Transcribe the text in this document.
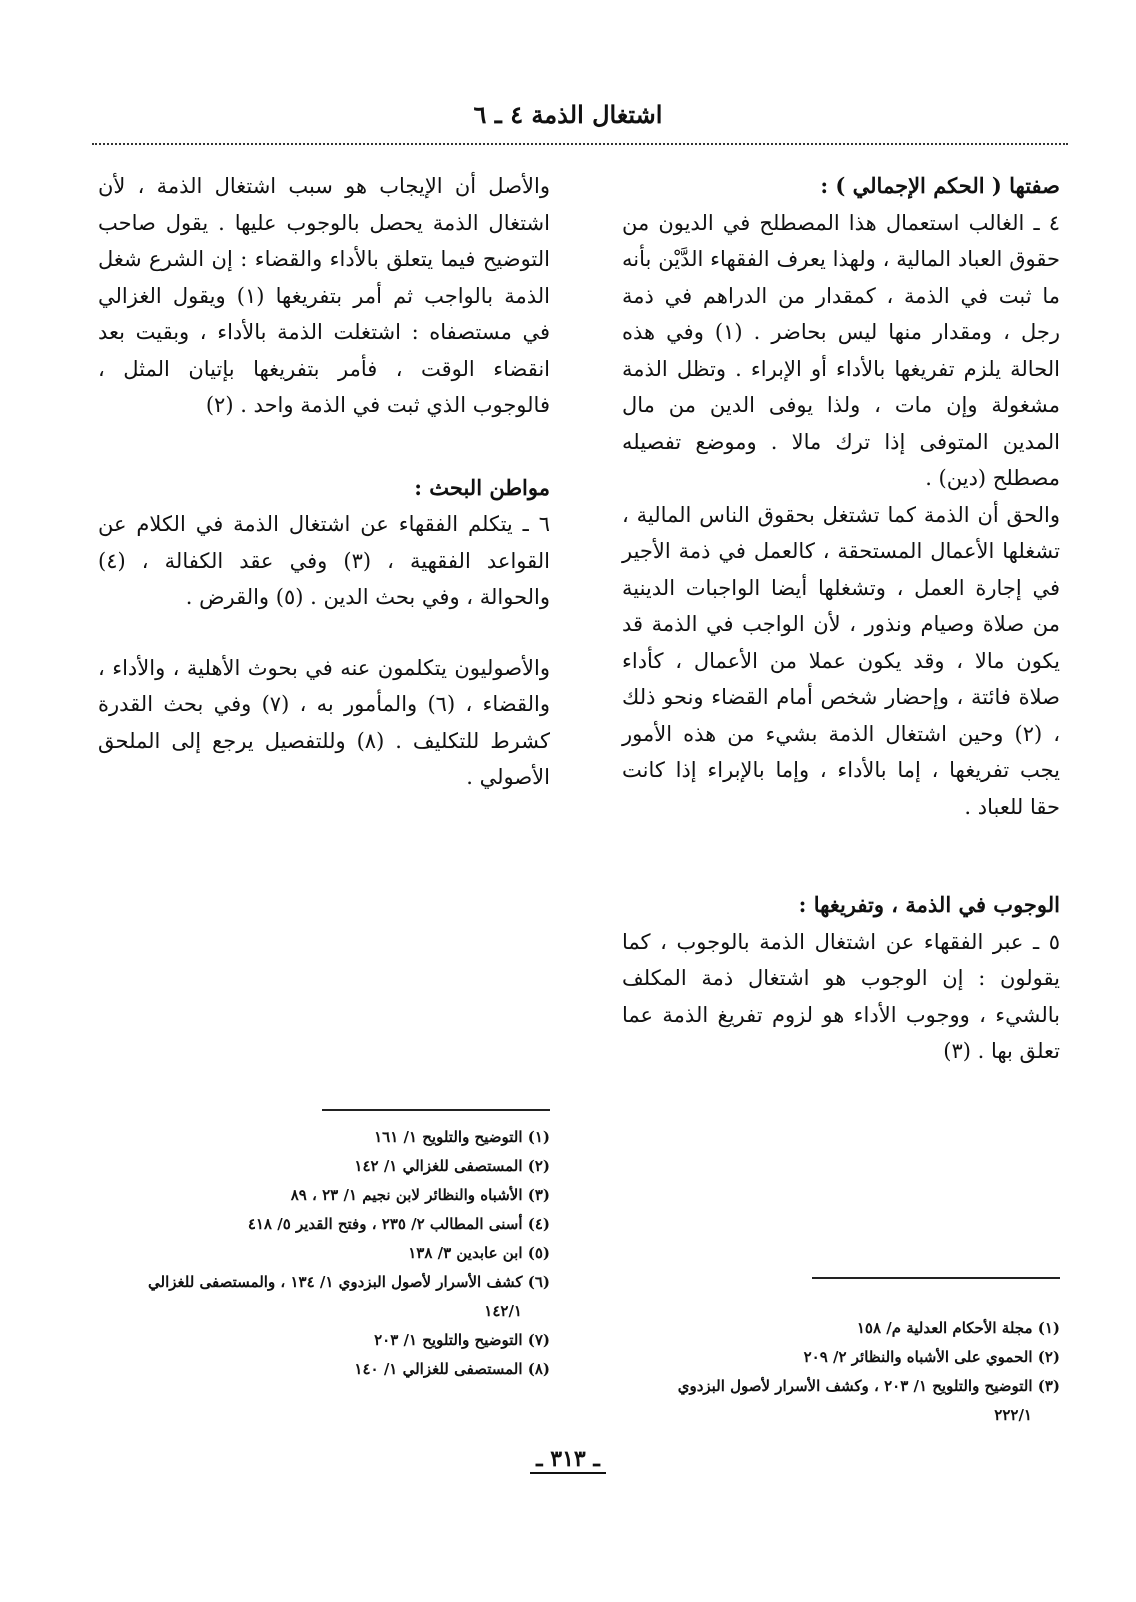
اشتغال الذمة ٤ ـ ٦
صفتها ( الحكم الإجمالي ) :

٤ ـ الغالب استعمال هذا المصطلح في الديون من حقوق العباد المالية ، ولهذا يعرف الفقهاء الدَّيْن بأنه ما ثبت في الذمة ، كمقدار من الدراهم في ذمة رجل ، ومقدار منها ليس بحاضر . (١) وفي هذه الحالة يلزم تفريغها بالأداء أو الإبراء . وتظل الذمة مشغولة وإن مات ، ولذا يوفى الدين من مال المدين المتوفى إذا ترك مالا . وموضع تفصيله مصطلح (دين) .

والحق أن الذمة كما تشتغل بحقوق الناس المالية ، تشغلها الأعمال المستحقة ، كالعمل في ذمة الأجير في إجارة العمل ، وتشغلها أيضا الواجبات الدينية من صلاة وصيام ونذور ، لأن الواجب في الذمة قد يكون مالا ، وقد يكون عملا من الأعمال ، كأداء صلاة فائتة ، وإحضار شخص أمام القضاء ونحو ذلك ، (٢) وحين اشتغال الذمة بشيء من هذه الأمور يجب تفريغها ، إما بالأداء ، وإما بالإبراء إذا كانت حقا للعباد .

الوجوب في الذمة ، وتفريغها :

٥ ـ عبر الفقهاء عن اشتغال الذمة بالوجوب ، كما يقولون : إن الوجوب هو اشتغال ذمة المكلف بالشيء ، ووجوب الأداء هو لزوم تفريغ الذمة عما تعلق بها . (٣)

والأصل أن الإيجاب هو سبب اشتغال الذمة ، لأن اشتغال الذمة يحصل بالوجوب عليها . يقول صاحب التوضيح فيما يتعلق بالأداء والقضاء : إن الشرع شغل الذمة بالواجب ثم أمر بتفريغها (١) ويقول الغزالي في مستصفاه : اشتغلت الذمة بالأداء ، وبقيت بعد انقضاء الوقت ، فأمر بتفريغها بإتيان المثل ، فالوجوب الذي ثبت في الذمة واحد . (٢)

مواطن البحث :

٦ ـ يتكلم الفقهاء عن اشتغال الذمة في الكلام عن القواعد الفقهية ، (٣) وفي عقد الكفالة ، (٤) والحوالة ، وفي بحث الدين . (٥) والقرض .

والأصوليون يتكلمون عنه في بحوث الأهلية ، والأداء ، والقضاء ، (٦) والمأمور به ، (٧) وفي بحث القدرة كشرط للتكليف . (٨) وللتفصيل يرجع إلى الملحق الأصولي .

(١) مجلة الأحكام العدلية م/ ١٥٨
(٢) الحموي على الأشباه والنظائر ٢/ ٢٠٩
(٣) التوضيح والتلويح ١/ ٢٠٣ ، وكشف الأسرار لأصول البزدوي
٢٢٢/١
(١) التوضيح والتلويح ١/ ١٦١
(٢) المستصفى للغزالي ١/ ١٤٢
(٣) الأشباه والنظائر لابن نجيم ١/ ٢٣ ، ٨٩
(٤) أسنى المطالب ٢/ ٢٣٥ ، وفتح القدير ٥/ ٤١٨
(٥) ابن عابدين ٣/ ١٣٨
(٦) كشف الأسرار لأصول البزدوي ١/ ١٣٤ ، والمستصفى للغزالي
١٤٢/١
(٧) التوضيح والتلويح ١/ ٢٠٣
(٨) المستصفى للغزالي ١/ ١٤٠
ـ ٣١٣ ـ
